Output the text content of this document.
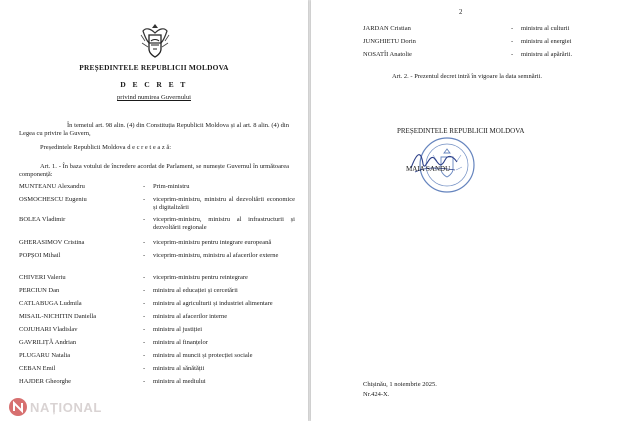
PREȘEDINTELE REPUBLICII MOLDOVA
D E C R E T
privind numirea Guvernului
În temeiul art. 98 alin. (4) din Constituția Republicii Moldova și al art. 8 alin. (4) din Legea cu privire la Guvern,
Președintele Republicii Moldova d e c r e t e a z ă:
Art. 1. - În baza votului de încredere acordat de Parlament, se numește Guvernul în următoarea componență:
MUNTEANU Alexandru	- Prim-ministru
OSMOCHESCU Eugeniu	- viceprim-ministru, ministru al dezvoltării economice și digitalizării
BOLEA Vladimir	- viceprim-ministru, ministru al infrastructurii și dezvoltării regionale
GHERASIMOV Cristina	- viceprim-ministru pentru integrare europeană
POPȘOI Mihail	- viceprim-ministru, ministru al afacerilor externe
CHIVERI Valeriu	- viceprim-ministru pentru reintegrare
PERCIUN Dan	- ministru al educației și cercetării
CATLABUGA Ludmila	- ministru al agriculturii și industriei alimentare
MISAIL-NICHITIN Daniella	- ministru al afacerilor interne
COJUHARI Vladislav	- ministru al justiției
GAVRILIȚĂ Andrian	- ministru al finanțelor
PLUGARU Natalia	- ministru al muncii și protecției sociale
CEBAN Emil	- ministru al sănătății
HAJDER Gheorghe	- ministru al mediului
NAȚIONAL
2
JARDAN Cristian	- ministru al culturii
JUNGHIETU Dorin	- ministru al energiei
NOSATÎI Anatolie	- ministru al apărării.
Art. 2. - Prezentul decret intră în vigoare la data semnării.
PREȘEDINTELE REPUBLICII MOLDOVA
MAIA SANDU
Chișinău, 1 noiembrie 2025.
Nr.424-X.
